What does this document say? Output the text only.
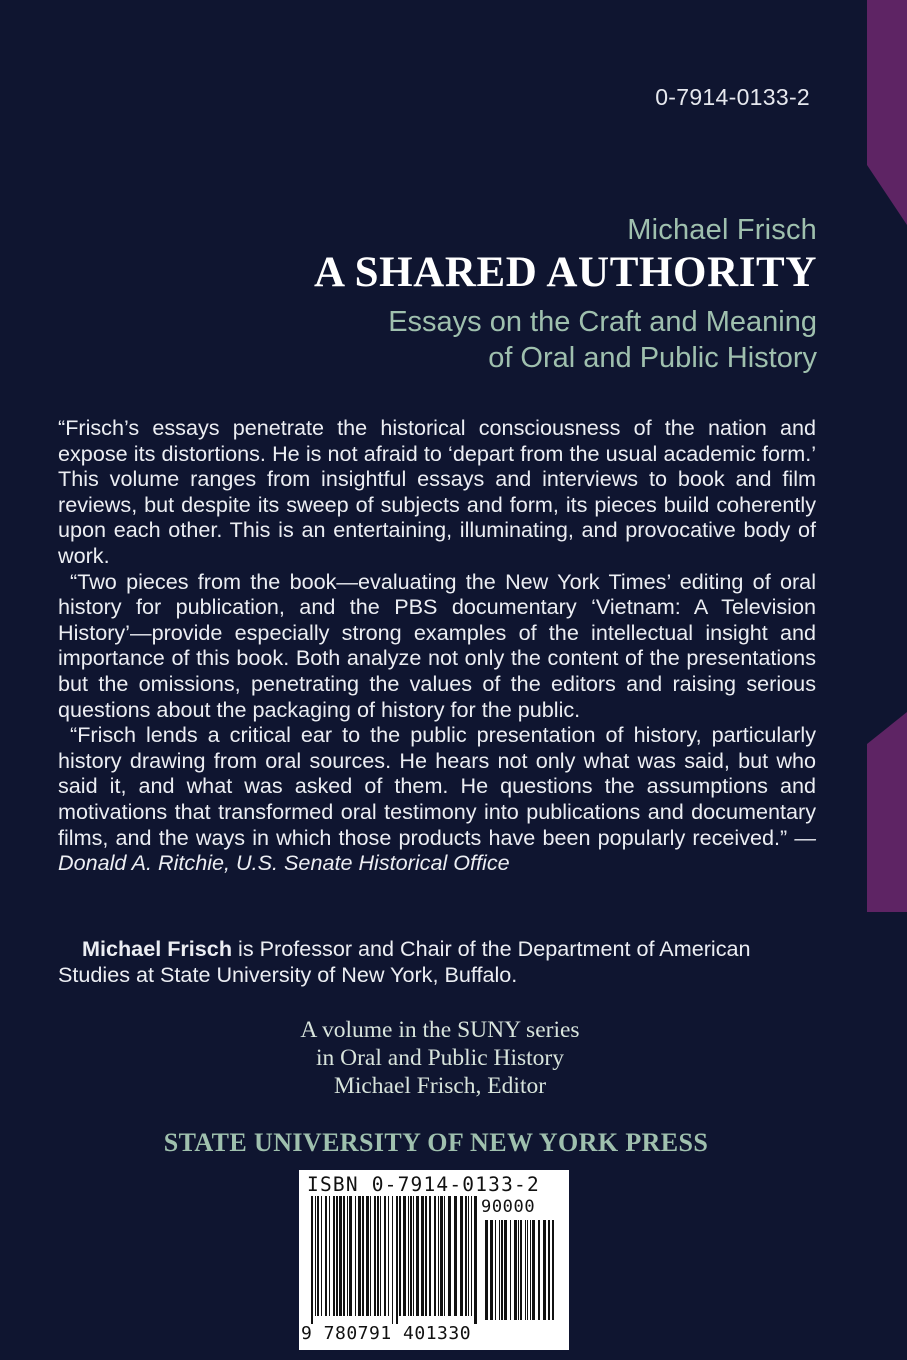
0-7914-0133-2
Michael Frisch
A SHARED AUTHORITY
Essays on the Craft and Meaning
of Oral and Public History

“Frisch’s essays penetrate the historical consciousness of the nation and expose its distortions. He is not afraid to ‘depart from the usual academic form.’ This volume ranges from insightful essays and interviews to book and film reviews, but despite its sweep of subjects and form, its pieces build coherently upon each other. This is an entertaining, illuminating, and provocative body of work.

“Two pieces from the book—evaluating the New York Times’ editing of oral history for publication, and the PBS documentary ‘Vietnam: A Television History’—provide especially strong examples of the intellectual insight and importance of this book. Both analyze not only the content of the presentations but the omissions, penetrating the values of the editors and raising serious questions about the packaging of history for the public.

“Frisch lends a critical ear to the public presentation of history, particularly history drawing from oral sources. He hears not only what was said, but who said it, and what was asked of them. He questions the assumptions and motivations that transformed oral testimony into publications and documentary films, and the ways in which those products have been popularly received.” —Donald A. Ritchie, U.S. Senate Historical Office

Michael Frisch is Professor and Chair of the Department of American Studies at State University of New York, Buffalo.
A volume in the SUNY series
in Oral and Public History
Michael Frisch, Editor
STATE UNIVERSITY OF NEW YORK PRESS
ISBN 0-7914-0133-2
90000
9 780791 401330
